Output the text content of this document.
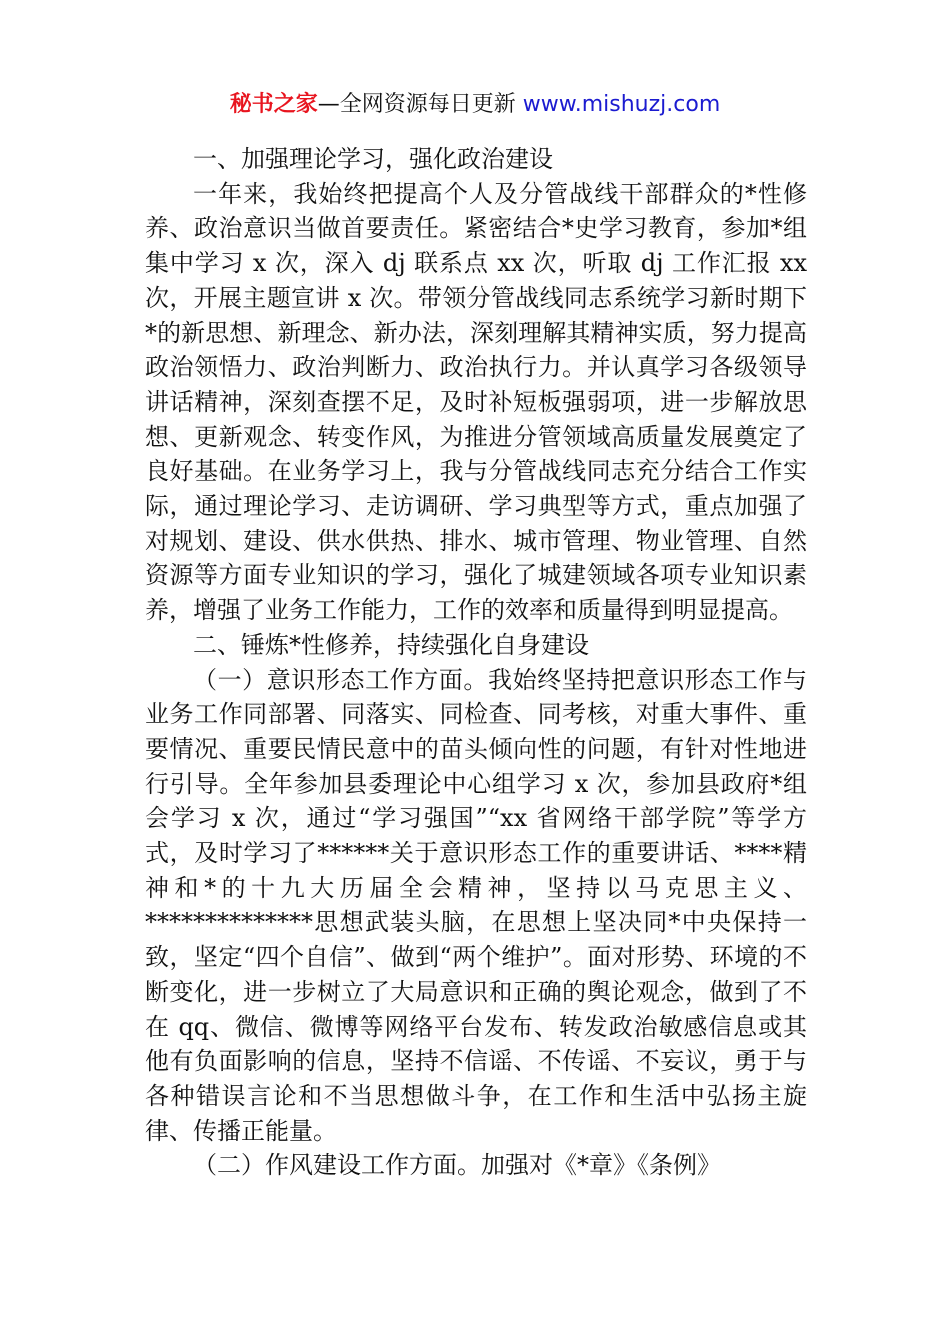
秘书之家—全网资源每日更新 www.mishuzj.com

一、加强理论学习，强化政治建设

一年来，我始终把提高个人及分管战线干部群众的*性修养、政治意识当做首要责任。紧密结合*史学习教育，参加*组集中学习 x 次，深入 dj 联系点 xx 次，听取 dj 工作汇报 xx 次，开展主题宣讲 x 次。带领分管战线同志系统学习新时期下*的新思想、新理念、新办法，深刻理解其精神实质，努力提高政治领悟力、政治判断力、政治执行力。并认真学习各级领导讲话精神，深刻查摆不足，及时补短板强弱项，进一步解放思想、更新观念、转变作风，为推进分管领域高质量发展奠定了良好基础。在业务学习上，我与分管战线同志充分结合工作实际，通过理论学习、走访调研、学习典型等方式，重点加强了对规划、建设、供水供热、排水、城市管理、物业管理、自然资源等方面专业知识的学习，强化了城建领域各项专业知识素养，增强了业务工作能力，工作的效率和质量得到明显提高。

二、锤炼*性修养，持续强化自身建设

（一）意识形态工作方面。我始终坚持把意识形态工作与业务工作同部署、同落实、同检查、同考核，对重大事件、重要情况、重要民情民意中的苗头倾向性的问题，有针对性地进行引导。全年参加县委理论中心组学习 x 次，参加县政府*组会学习 x 次，通过“学习强国”“xx 省网络干部学院”等学方式，及时学习了******关于意识形态工作的重要讲话、****精神和*的十九大历届全会精神，坚持以马克思主义、**************思想武装头脑，在思想上坚决同*中央保持一致，坚定“四个自信”、做到“两个维护”。面对形势、环境的不断变化，进一步树立了大局意识和正确的舆论观念，做到了不在 qq、微信、微博等网络平台发布、转发政治敏感信息或其他有负面影响的信息，坚持不信谣、不传谣、不妄议，勇于与各种错误言论和不当思想做斗争，在工作和生活中弘扬主旋律、传播正能量。

（二）作风建设工作方面。加强对《*章》《条例》
